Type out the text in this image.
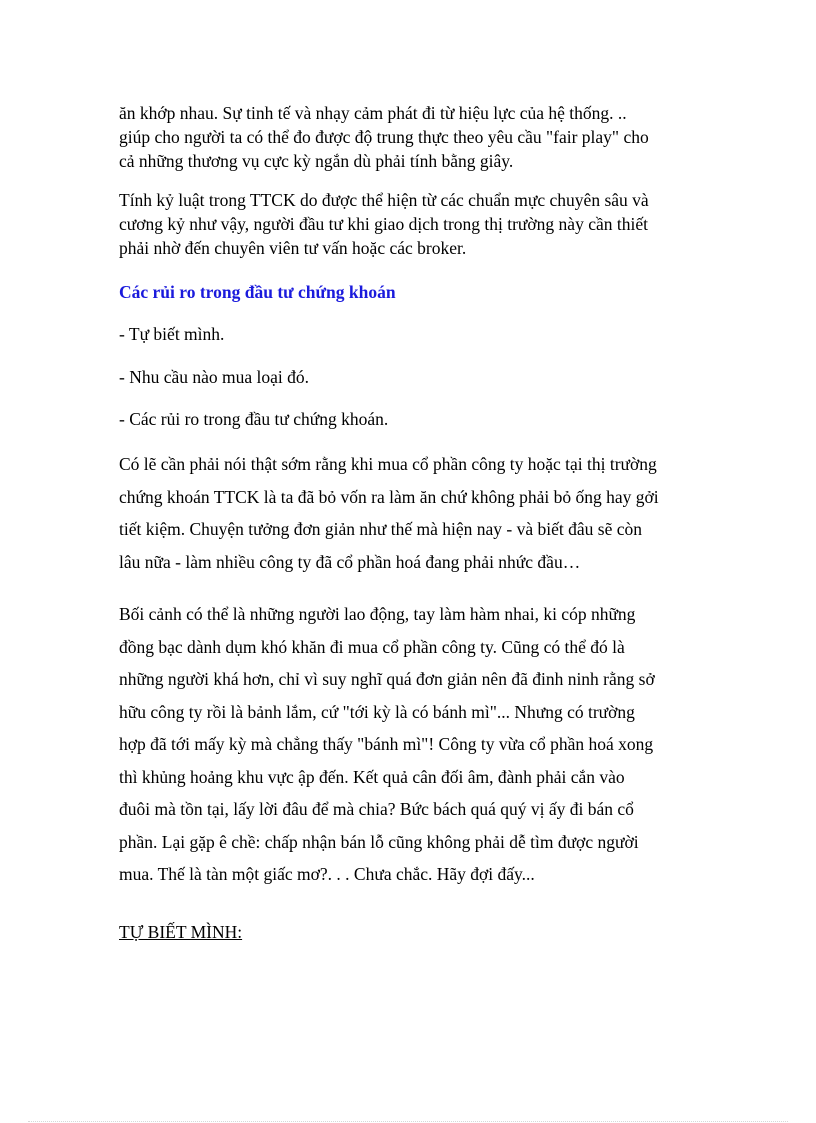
ăn khớp nhau. Sự tinh tế và nhạy cảm phát đi từ hiệu lực của hệ thống. ..
giúp cho người ta có thể đo được độ trung thực theo yêu cầu "fair play" cho
cả những thương vụ cực kỳ ngắn dù phải tính bằng giây.

Tính kỷ luật trong TTCK do được thể hiện từ các chuẩn mực chuyên sâu và
cương kỷ như vậy, người đầu tư khi giao dịch trong thị trường này cần thiết
phải nhờ đến chuyên viên tư vấn hoặc các broker.

Các rủi ro trong đầu tư chứng khoán

- Tự biết mình.

- Nhu cầu nào mua loại đó.

- Các rủi ro trong đầu tư chứng khoán.

Có lẽ cần phải nói thật sớm rằng khi mua cổ phần công ty hoặc tại thị trường
chứng khoán TTCK là ta đã bỏ vốn ra làm ăn chứ không phải bỏ ống hay gởi
tiết kiệm. Chuyện tưởng đơn giản như thế mà hiện nay - và biết đâu sẽ còn
lâu nữa - làm nhiều công ty đã cổ phần hoá đang phải nhức đầu…

Bối cảnh có thể là những người lao động, tay làm hàm nhai, ki cóp những
đồng bạc dành dụm khó khăn đi mua cổ phần công ty. Cũng có thể đó là
những người khá hơn, chỉ vì suy nghĩ quá đơn giản nên đã đinh ninh rằng sở
hữu công ty rồi là bảnh lắm, cứ "tới kỳ là có bánh mì"... Nhưng có trường
hợp đã tới mấy kỳ mà chẳng thấy "bánh mì"! Công ty vừa cổ phần hoá xong
thì khủng hoảng khu vực ập đến. Kết quả cân đối âm, đành phải cắn vào
đuôi mà tồn tại, lấy lời đâu để mà chia? Bức bách quá quý vị ấy đi bán cổ
phần. Lại gặp ê chề: chấp nhận bán lỗ cũng không phải dễ tìm được người
mua. Thế là tàn một giấc mơ?. . . Chưa chắc. Hãy đợi đấy...

TỰ BIẾT MÌNH:
